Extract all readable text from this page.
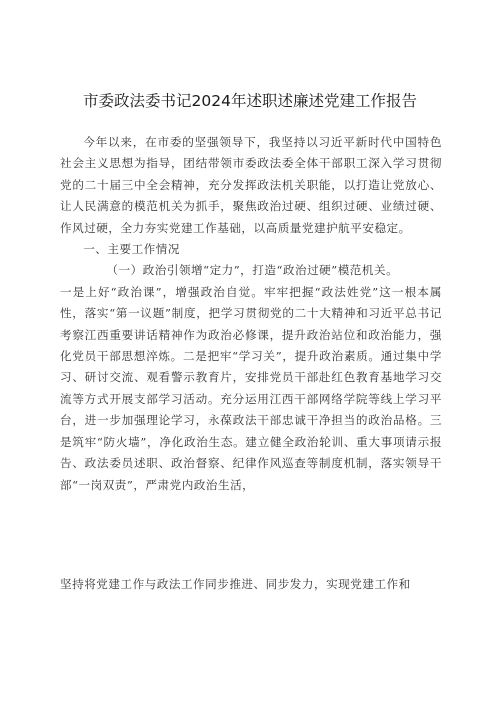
市委政法委书记2024年述职述廉述党建工作报告

今年以来，在市委的坚强领导下，我坚持以习近平新时代中国特色社会主义思想为指导，团结带领市委政法委全体干部职工深入学习贯彻党的二十届三中全会精神，充分发挥政法机关职能，以打造让党放心、让人民满意的模范机关为抓手，聚焦政治过硬、组织过硬、业绩过硬、作风过硬，全力夯实党建工作基础，以高质量党建护航平安稳定。

一、主要工作情况

（一）政治引领增“定力”，打造“政治过硬”模范机关。

一是上好“政治课”，增强政治自觉。牢牢把握“政法姓党”这一根本属性，落实“第一议题”制度，把学习贯彻党的二十大精神和习近平总书记考察江西重要讲话精神作为政治必修课，提升政治站位和政治能力，强化党员干部思想淬炼。二是把牢“学习关”，提升政治素质。通过集中学习、研讨交流、观看警示教育片，安排党员干部赴红色教育基地学习交流等方式开展支部学习活动。充分运用江西干部网络学院等线上学习平台，进一步加强理论学习，永葆政法干部忠诚干净担当的政治品格。三是筑牢“防火墙”，净化政治生态。建立健全政治轮训、重大事项请示报告、政法委员述职、政治督察、纪律作风巡查等制度机制，落实领导干部“一岗双责”，严肃党内政治生活，

坚持将党建工作与政法工作同步推进、同步发力，实现党建工作和
